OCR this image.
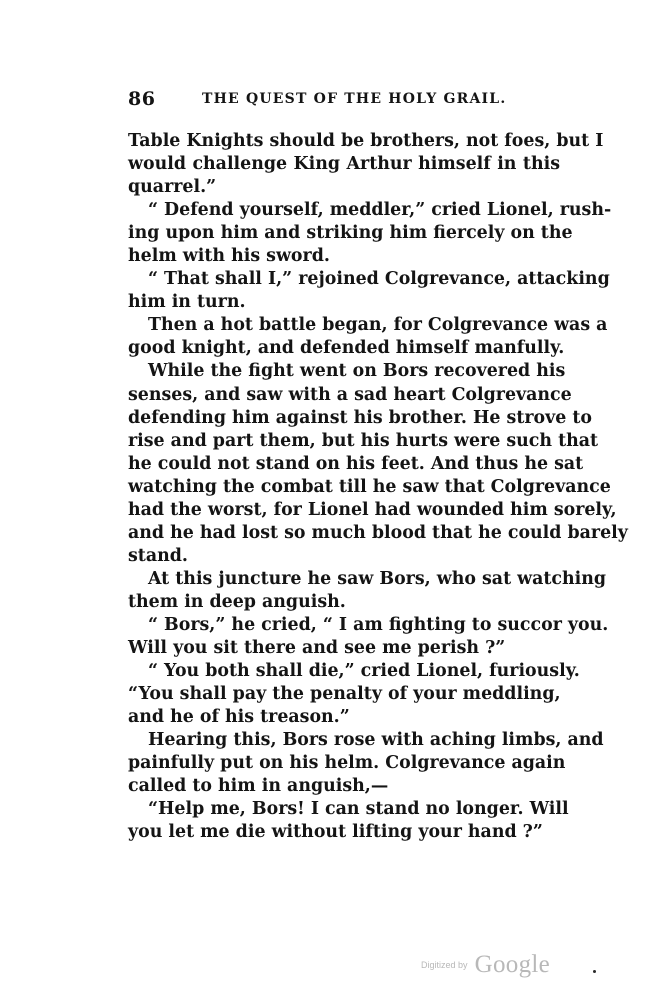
86	THE QUEST OF THE HOLY GRAIL.
Table Knights should be brothers, not foes, but I
would challenge King Arthur himself in this
quarrel.”
“ Defend yourself, meddler,” cried Lionel, rush-
ing upon him and striking him fiercely on the
helm with his sword.
“ That shall I,” rejoined Colgrevance, attacking
him in turn.
Then a hot battle began, for Colgrevance was a
good knight, and defended himself manfully.
While the fight went on Bors recovered his
senses, and saw with a sad heart Colgrevance
defending him against his brother. He strove to
rise and part them, but his hurts were such that
he could not stand on his feet. And thus he sat
watching the combat till he saw that Colgrevance
had the worst, for Lionel had wounded him sorely,
and he had lost so much blood that he could barely
stand.
At this juncture he saw Bors, who sat watching
them in deep anguish.
“ Bors,” he cried, “ I am fighting to succor you.
Will you sit there and see me perish ?”
“ You both shall die,” cried Lionel, furiously.
“You shall pay the penalty of your meddling,
and he of his treason.”
Hearing this, Bors rose with aching limbs, and
painfully put on his helm. Colgrevance again
called to him in anguish,—
“Help me, Bors! I can stand no longer. Will
you let me die without lifting your hand ?”
Digitized by Google
